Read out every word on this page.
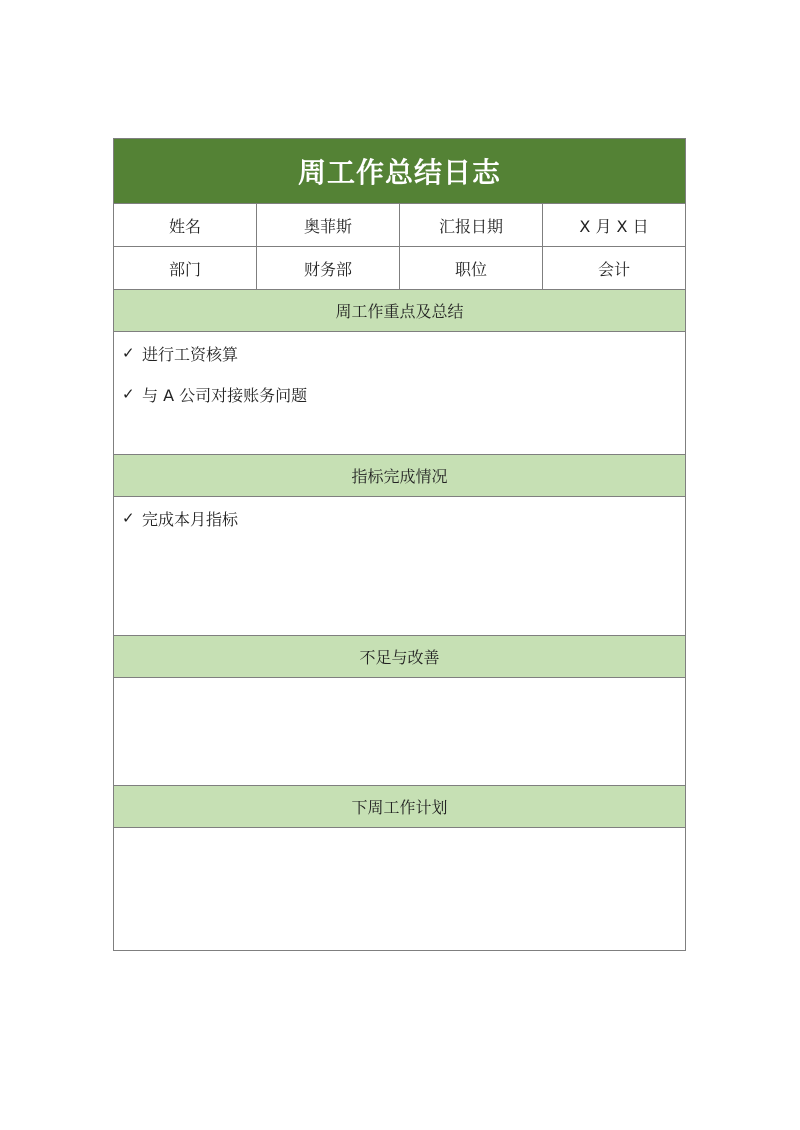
周工作总结日志
姓名	奥菲斯	汇报日期	X 月 X 日
部门	财务部	职位	会计
周工作重点及总结
✓ 进行工资核算
✓ 与 A 公司对接账务问题
指标完成情况
✓ 完成本月指标
不足与改善
下周工作计划
